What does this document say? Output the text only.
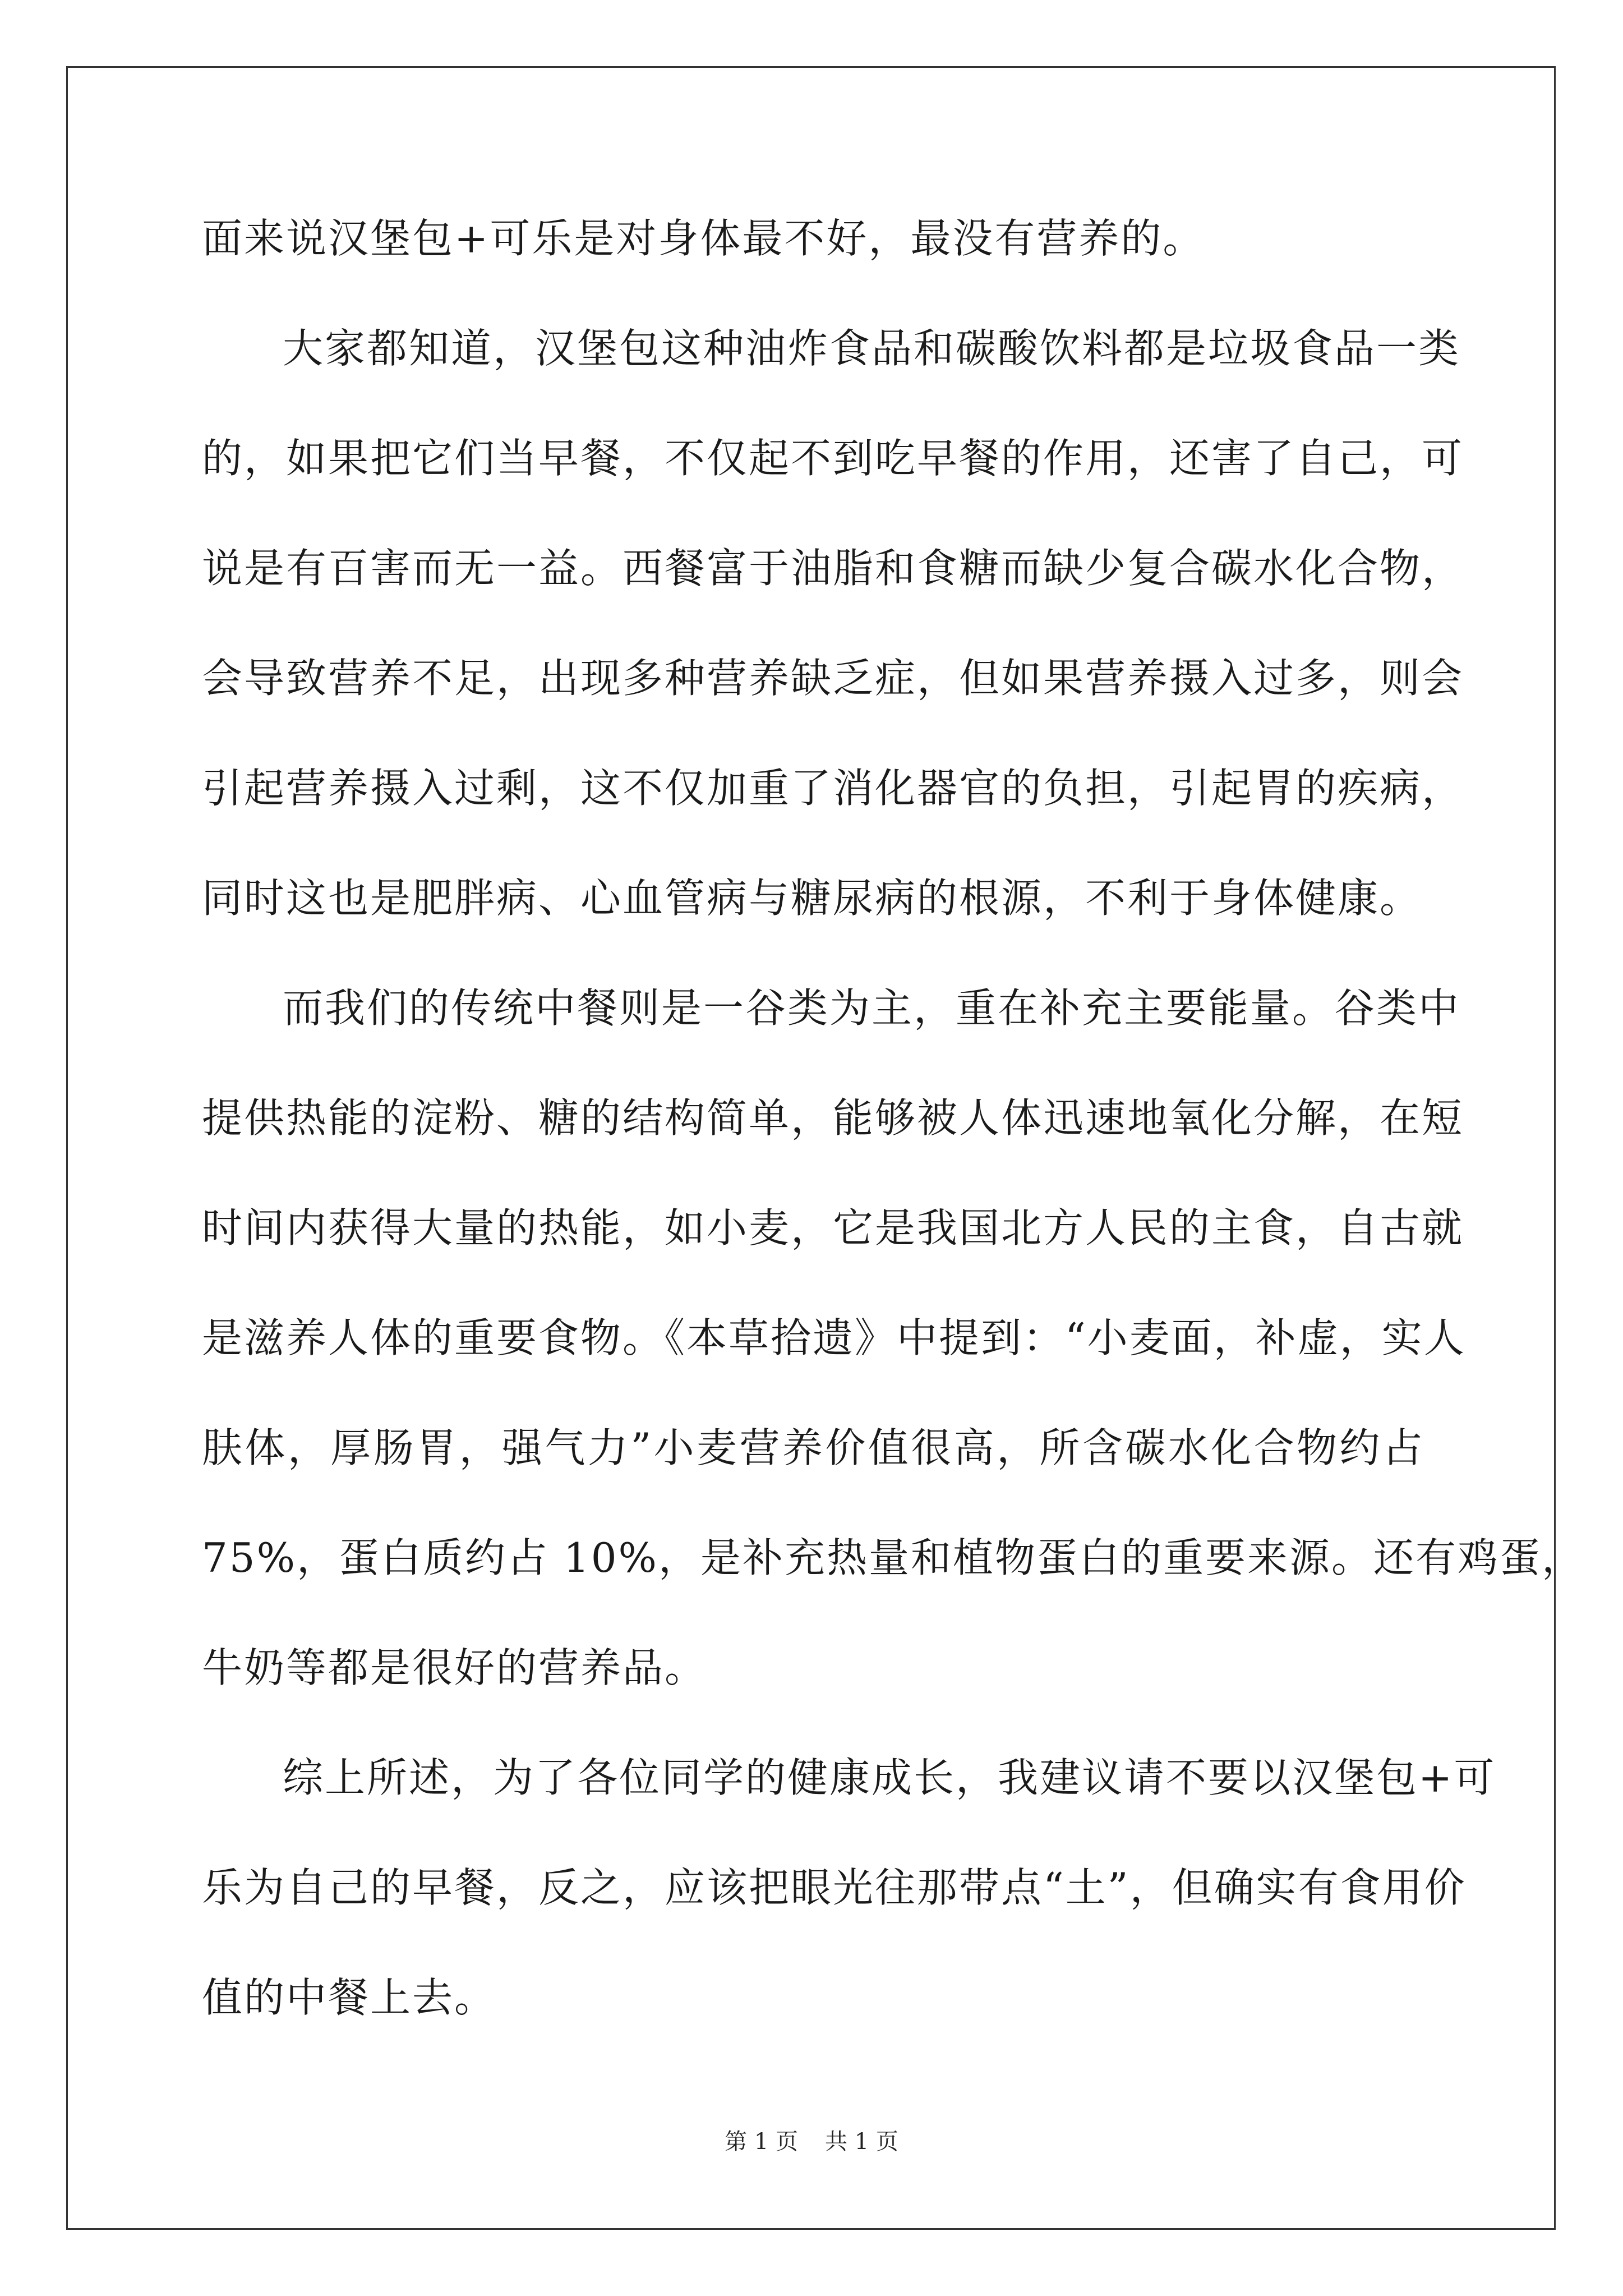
面来说汉堡包+可乐是对身体最不好，最没有营养的。
大家都知道，汉堡包这种油炸食品和碳酸饮料都是垃圾食品一类
的，如果把它们当早餐，不仅起不到吃早餐的作用，还害了自己，可
说是有百害而无一益。西餐富于油脂和食糖而缺少复合碳水化合物，
会导致营养不足，出现多种营养缺乏症，但如果营养摄入过多，则会
引起营养摄入过剩，这不仅加重了消化器官的负担，引起胃的疾病，
同时这也是肥胖病、心血管病与糖尿病的根源，不利于身体健康。
而我们的传统中餐则是一谷类为主，重在补充主要能量。谷类中
提供热能的淀粉、糖的结构简单，能够被人体迅速地氧化分解，在短
时间内获得大量的热能，如小麦，它是我国北方人民的主食，自古就
是滋养人体的重要食物。《本草拾遗》中提到：“小麦面，补虚，实人
肤体，厚肠胃，强气力”小麦营养价值很高，所含碳水化合物约占
75%，蛋白质约占 10%，是补充热量和植物蛋白的重要来源。还有鸡蛋，
牛奶等都是很好的营养品。
综上所述，为了各位同学的健康成长，我建议请不要以汉堡包+可
乐为自己的早餐，反之，应该把眼光往那带点“土”，但确实有食用价
值的中餐上去。
第 1 页 共 1 页
